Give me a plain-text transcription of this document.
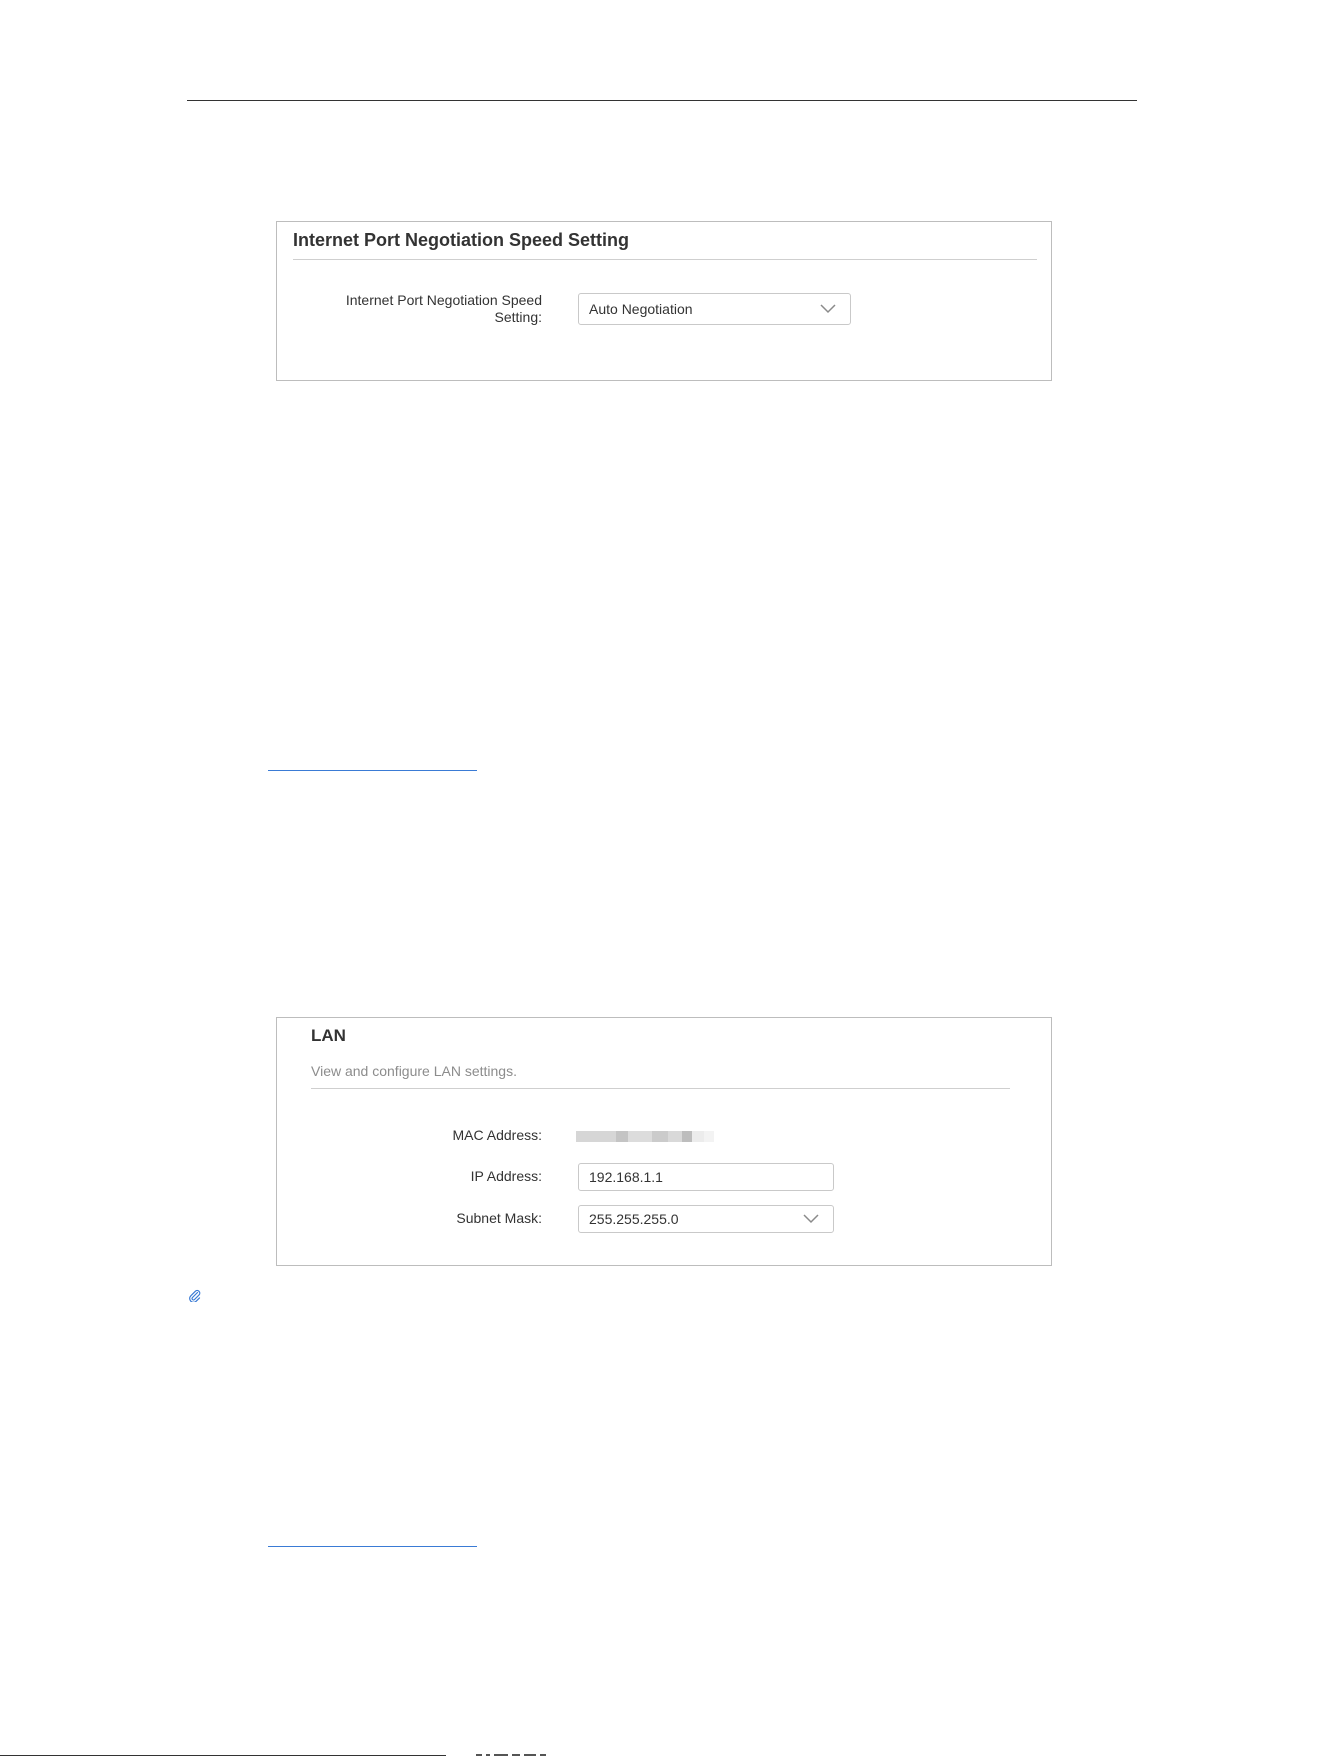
Internet Port Negotiation Speed Setting
Internet Port Negotiation Speed Setting:	Auto Negotiation
LAN

View and configure LAN settings.

MAC Address:
IP Address:	192.168.1.1
Subnet Mask:	255.255.255.0
